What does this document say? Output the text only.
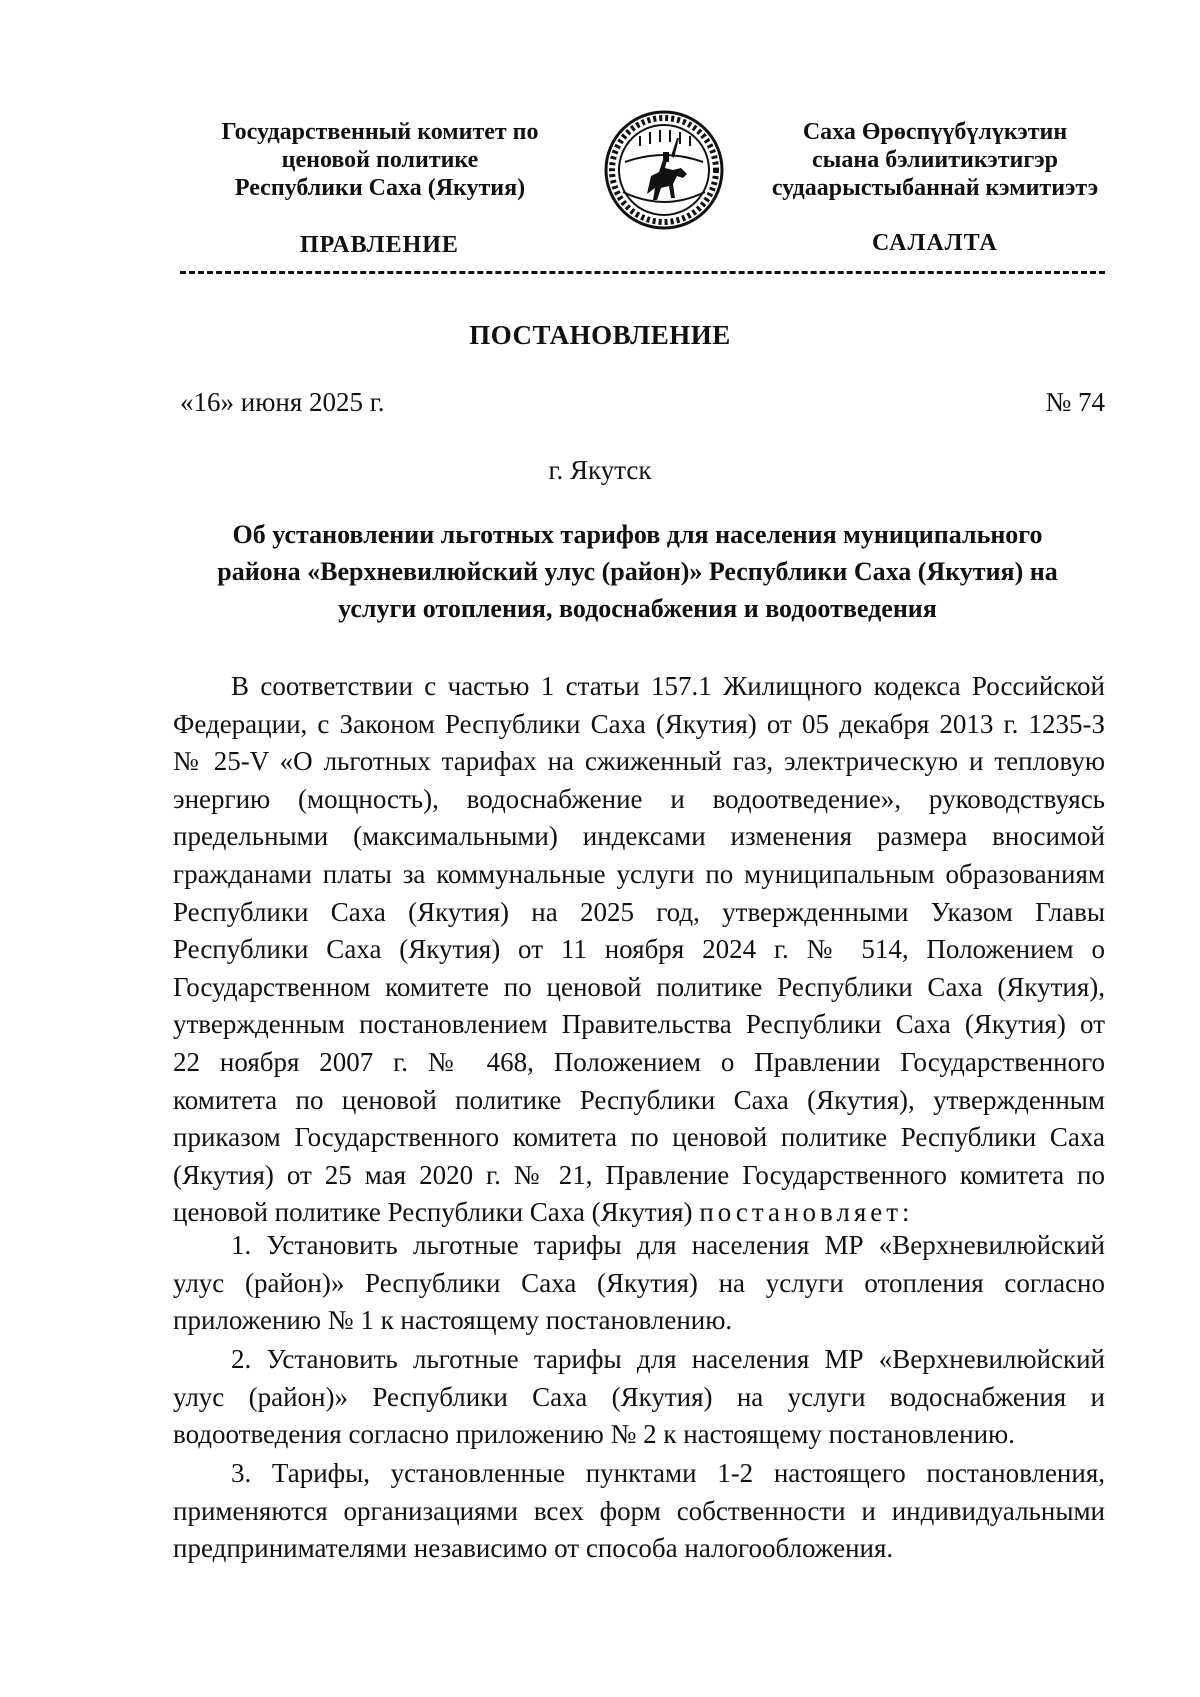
Государственный комитет по
ценовой политике
Республики Саха (Якутия)
Саха Өрөспүүбүлүкэтин
сыана бэлиитикэтигэр
судаарыстыбаннай кэмитиэтэ
ПРАВЛЕНИЕ	САЛАЛТА
ПОСТАНОВЛЕНИЕ
«16» июня 2025 г.	№ 74
г. Якутск
Об установлении льготных тарифов для населения муниципального
района «Верхневилюйский улус (район)» Республики Саха (Якутия) на
услуги отопления, водоснабжения и водоотведения
В соответствии с частью 1 статьи 157.1 Жилищного кодекса Российской
Федерации, с Законом Республики Саха (Якутия) от 05 декабря 2013 г. 1235-З
№ 25-V «О льготных тарифах на сжиженный газ, электрическую и тепловую
энергию (мощность), водоснабжение и водоотведение», руководствуясь
предельными (максимальными) индексами изменения размера вносимой
гражданами платы за коммунальные услуги по муниципальным образованиям
Республики Саха (Якутия) на 2025 год, утвержденными Указом Главы
Республики Саха (Якутия) от 11 ноября 2024 г. № 514, Положением о
Государственном комитете по ценовой политике Республики Саха (Якутия),
утвержденным постановлением Правительства Республики Саха (Якутия) от
22 ноября 2007 г. № 468, Положением о Правлении Государственного
комитета по ценовой политике Республики Саха (Якутия), утвержденным
приказом Государственного комитета по ценовой политике Республики Саха
(Якутия) от 25 мая 2020 г. № 21, Правление Государственного комитета по
ценовой политике Республики Саха (Якутия) постановляет:
1. Установить льготные тарифы для населения МР «Верхневилюйский
улус (район)» Республики Саха (Якутия) на услуги отопления согласно
приложению № 1 к настоящему постановлению.
2. Установить льготные тарифы для населения МР «Верхневилюйский
улус (район)» Республики Саха (Якутия) на услуги водоснабжения и
водоотведения согласно приложению № 2 к настоящему постановлению.
3. Тарифы, установленные пунктами 1-2 настоящего постановления,
применяются организациями всех форм собственности и индивидуальными
предпринимателями независимо от способа налогообложения.
